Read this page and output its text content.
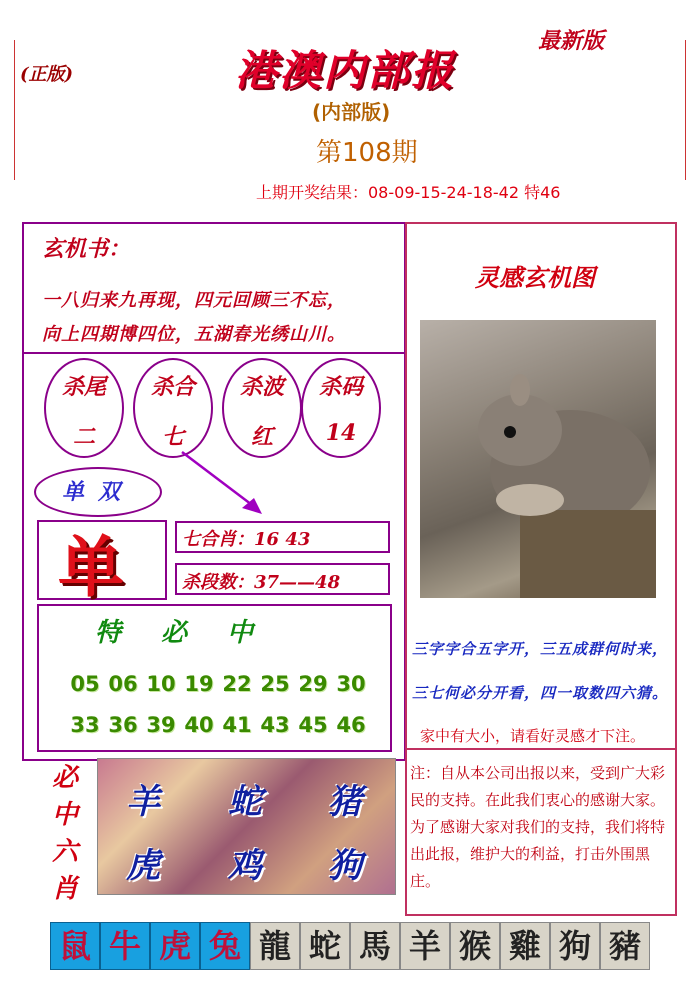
(正版)	港澳内部报
最新版
(内部版)
第108期
上期开奖结果：08-09-15-24-18-42 特46
玄机书：
一八归来九再现，四元回顾三不忘，
向上四期博四位，五湖春光绣山川。
杀尾
二
杀合
七
杀波
红
杀码
14
单双
单	七合肖：16 43
杀段数：37——48
特必中
05 06 10 19 22 25 29 30
33 36 39 40 41 43 45 46
必
中
六
肖
羊	蛇	猪
虎	鸡	狗
灵感玄机图
三字字合五字开，三五成群何时来，
三七何必分开看，四一取数四六猜。
家中有大小，请看好灵感才下注。
注：自从本公司出报以来，受到广大彩民的支持。在此我们衷心的感谢大家。为了感谢大家对我们的支持，我们将特出此报，维护大的利益，打击外围黑庄。
鼠 牛 虎 兔 龍 蛇 馬 羊 猴 雞 狗 豬
